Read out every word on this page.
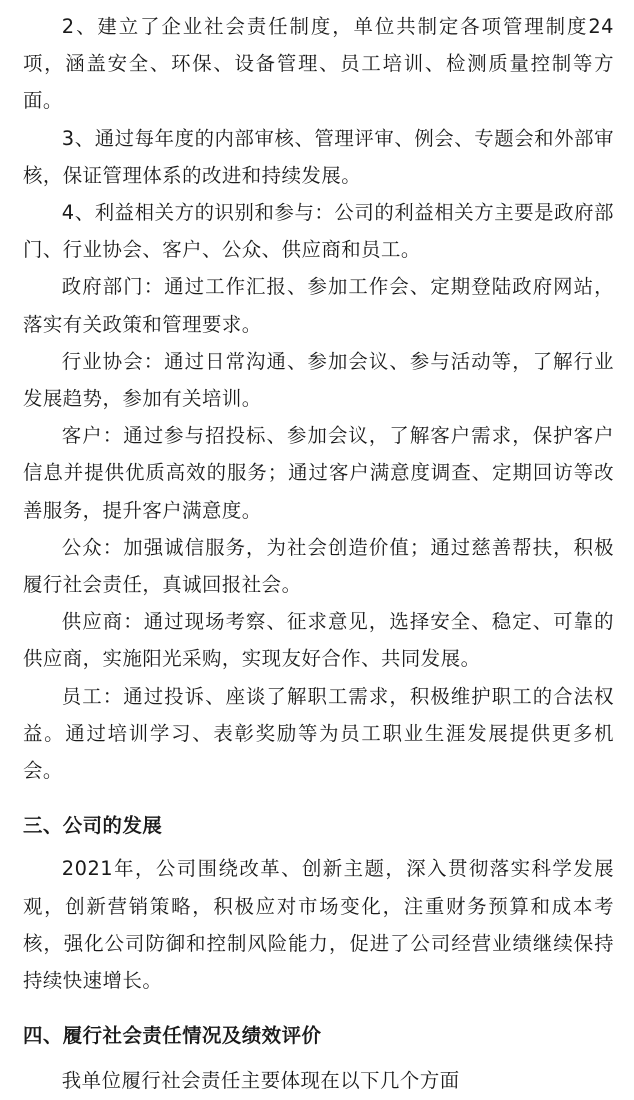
2、建立了企业社会责任制度，单位共制定各项管理制度24项，涵盖安全、环保、设备管理、员工培训、检测质量控制等方面。

3、通过每年度的内部审核、管理评审、例会、专题会和外部审核，保证管理体系的改进和持续发展。

4、利益相关方的识别和参与：公司的利益相关方主要是政府部门、行业协会、客户、公众、供应商和员工。

政府部门：通过工作汇报、参加工作会、定期登陆政府网站，落实有关政策和管理要求。

行业协会：通过日常沟通、参加会议、参与活动等，了解行业发展趋势，参加有关培训。

客户：通过参与招投标、参加会议，了解客户需求，保护客户信息并提供优质高效的服务；通过客户满意度调查、定期回访等改善服务，提升客户满意度。

公众：加强诚信服务，为社会创造价值；通过慈善帮扶，积极履行社会责任，真诚回报社会。

供应商：通过现场考察、征求意见，选择安全、稳定、可靠的供应商，实施阳光采购，实现友好合作、共同发展。

员工：通过投诉、座谈了解职工需求，积极维护职工的合法权益。通过培训学习、表彰奖励等为员工职业生涯发展提供更多机会。

三、公司的发展

2021年，公司围绕改革、创新主题，深入贯彻落实科学发展观，创新营销策略，积极应对市场变化，注重财务预算和成本考核，强化公司防御和控制风险能力，促进了公司经营业绩继续保持持续快速增长。

四、履行社会责任情况及绩效评价

我单位履行社会责任主要体现在以下几个方面
